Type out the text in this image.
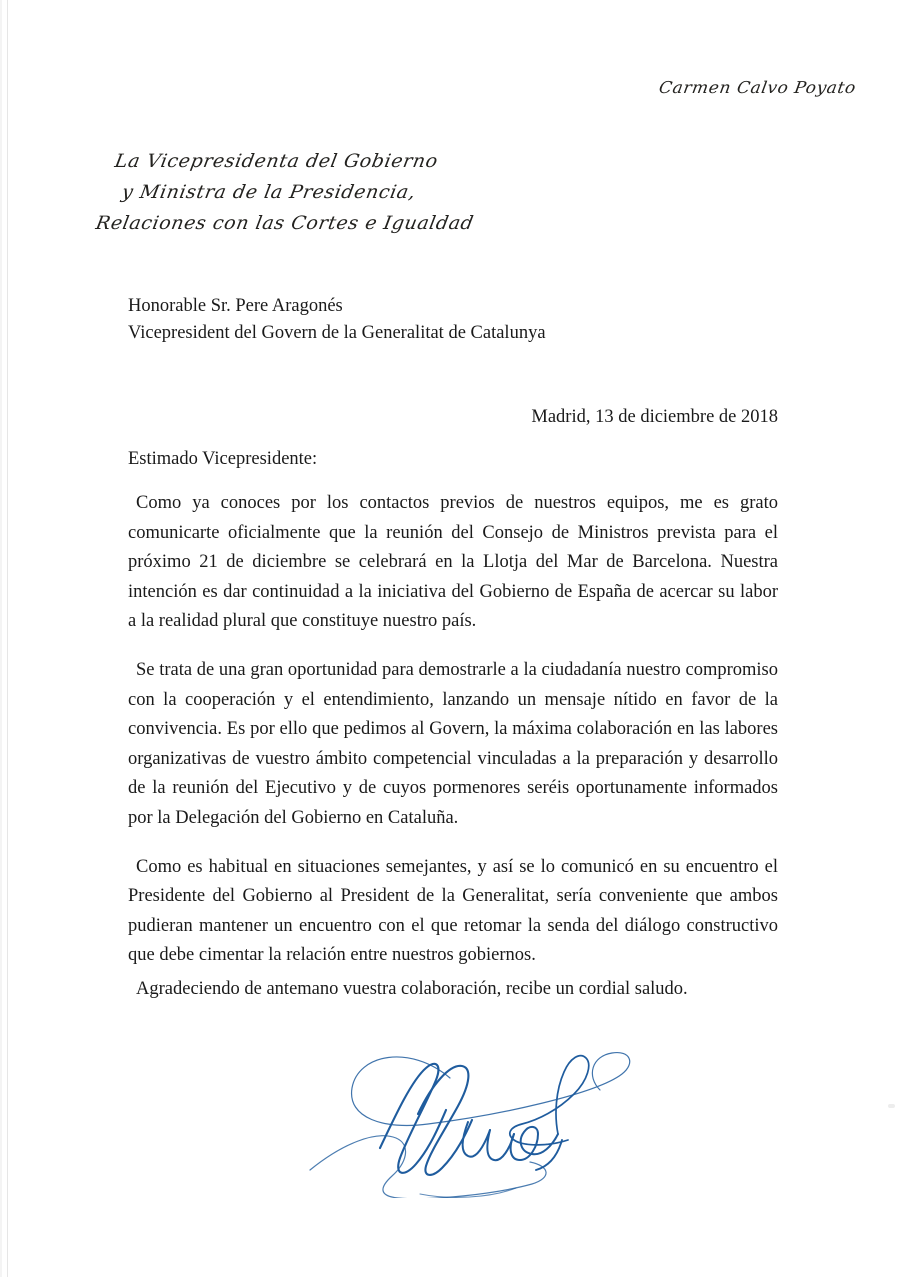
Carmen Calvo Poyato
La Vicepresidenta del Gobierno
y Ministra de la Presidencia,
Relaciones con las Cortes e Igualdad
Honorable Sr. Pere Aragonés
Vicepresident del Govern de la Generalitat de Catalunya
Madrid, 13 de diciembre de 2018
Estimado Vicepresidente:

Como ya conoces por los contactos previos de nuestros equipos, me es grato comunicarte oficialmente que la reunión del Consejo de Ministros prevista para el próximo 21 de diciembre se celebrará en la Llotja del Mar de Barcelona. Nuestra intención es dar continuidad a la iniciativa del Gobierno de España de acercar su labor a la realidad plural que constituye nuestro país.

Se trata de una gran oportunidad para demostrarle a la ciudadanía nuestro compromiso con la cooperación y el entendimiento, lanzando un mensaje nítido en favor de la convivencia. Es por ello que pedimos al Govern, la máxima colaboración en las labores organizativas de vuestro ámbito competencial vinculadas a la preparación y desarrollo de la reunión del Ejecutivo y de cuyos pormenores seréis oportunamente informados por la Delegación del Gobierno en Cataluña.

Como es habitual en situaciones semejantes, y así se lo comunicó en su encuentro el Presidente del Gobierno al President de la Generalitat, sería conveniente que ambos pudieran mantener un encuentro con el que retomar la senda del diálogo constructivo que debe cimentar la relación entre nuestros gobiernos.

Agradeciendo de antemano vuestra colaboración, recibe un cordial saludo.
